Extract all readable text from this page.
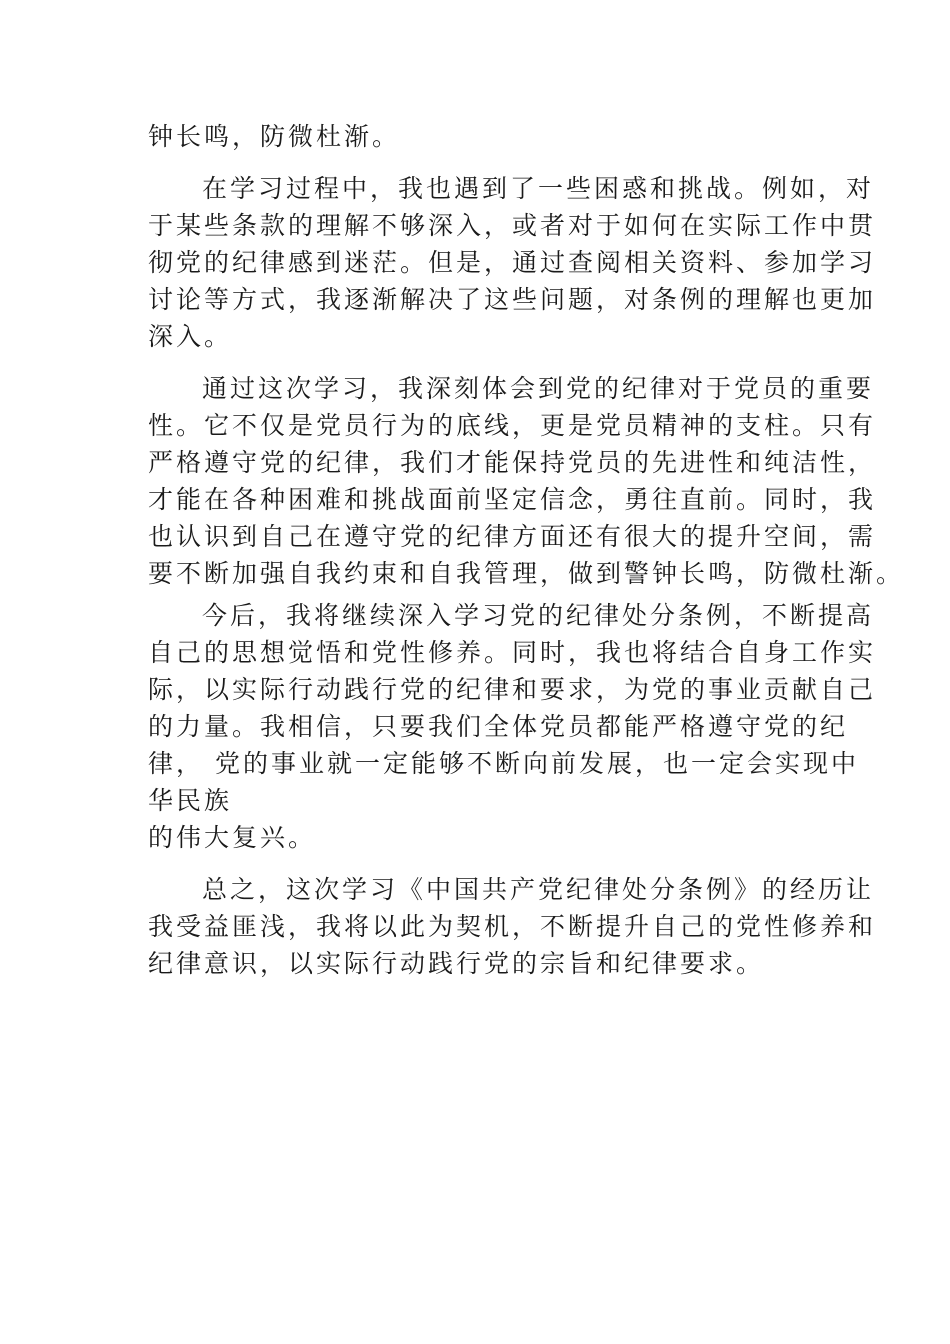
钟长鸣，防微杜渐。
在学习过程中，我也遇到了一些困惑和挑战。例如，对
于某些条款的理解不够深入，或者对于如何在实际工作中贯
彻党的纪律感到迷茫。但是，通过查阅相关资料、参加学习
讨论等方式，我逐渐解决了这些问题，对条例的理解也更加
深入。
通过这次学习，我深刻体会到党的纪律对于党员的重要
性。它不仅是党员行为的底线，更是党员精神的支柱。只有
严格遵守党的纪律，我们才能保持党员的先进性和纯洁性，
才能在各种困难和挑战面前坚定信念，勇往直前。同时，我
也认识到自己在遵守党的纪律方面还有很大的提升空间，需
要不断加强自我约束和自我管理，做到警钟长鸣，防微杜渐。
今后，我将继续深入学习党的纪律处分条例，不断提高
自己的思想觉悟和党性修养。同时，我也将结合自身工作实
际，以实际行动践行党的纪律和要求，为党的事业贡献自己
的力量。我相信，只要我们全体党员都能严格遵守党的纪
律， 党的事业就一定能够不断向前发展，也一定会实现中
华民族
的伟大复兴。
总之，这次学习《中国共产党纪律处分条例》的经历让
我受益匪浅，我将以此为契机，不断提升自己的党性修养和
纪律意识，以实际行动践行党的宗旨和纪律要求。
